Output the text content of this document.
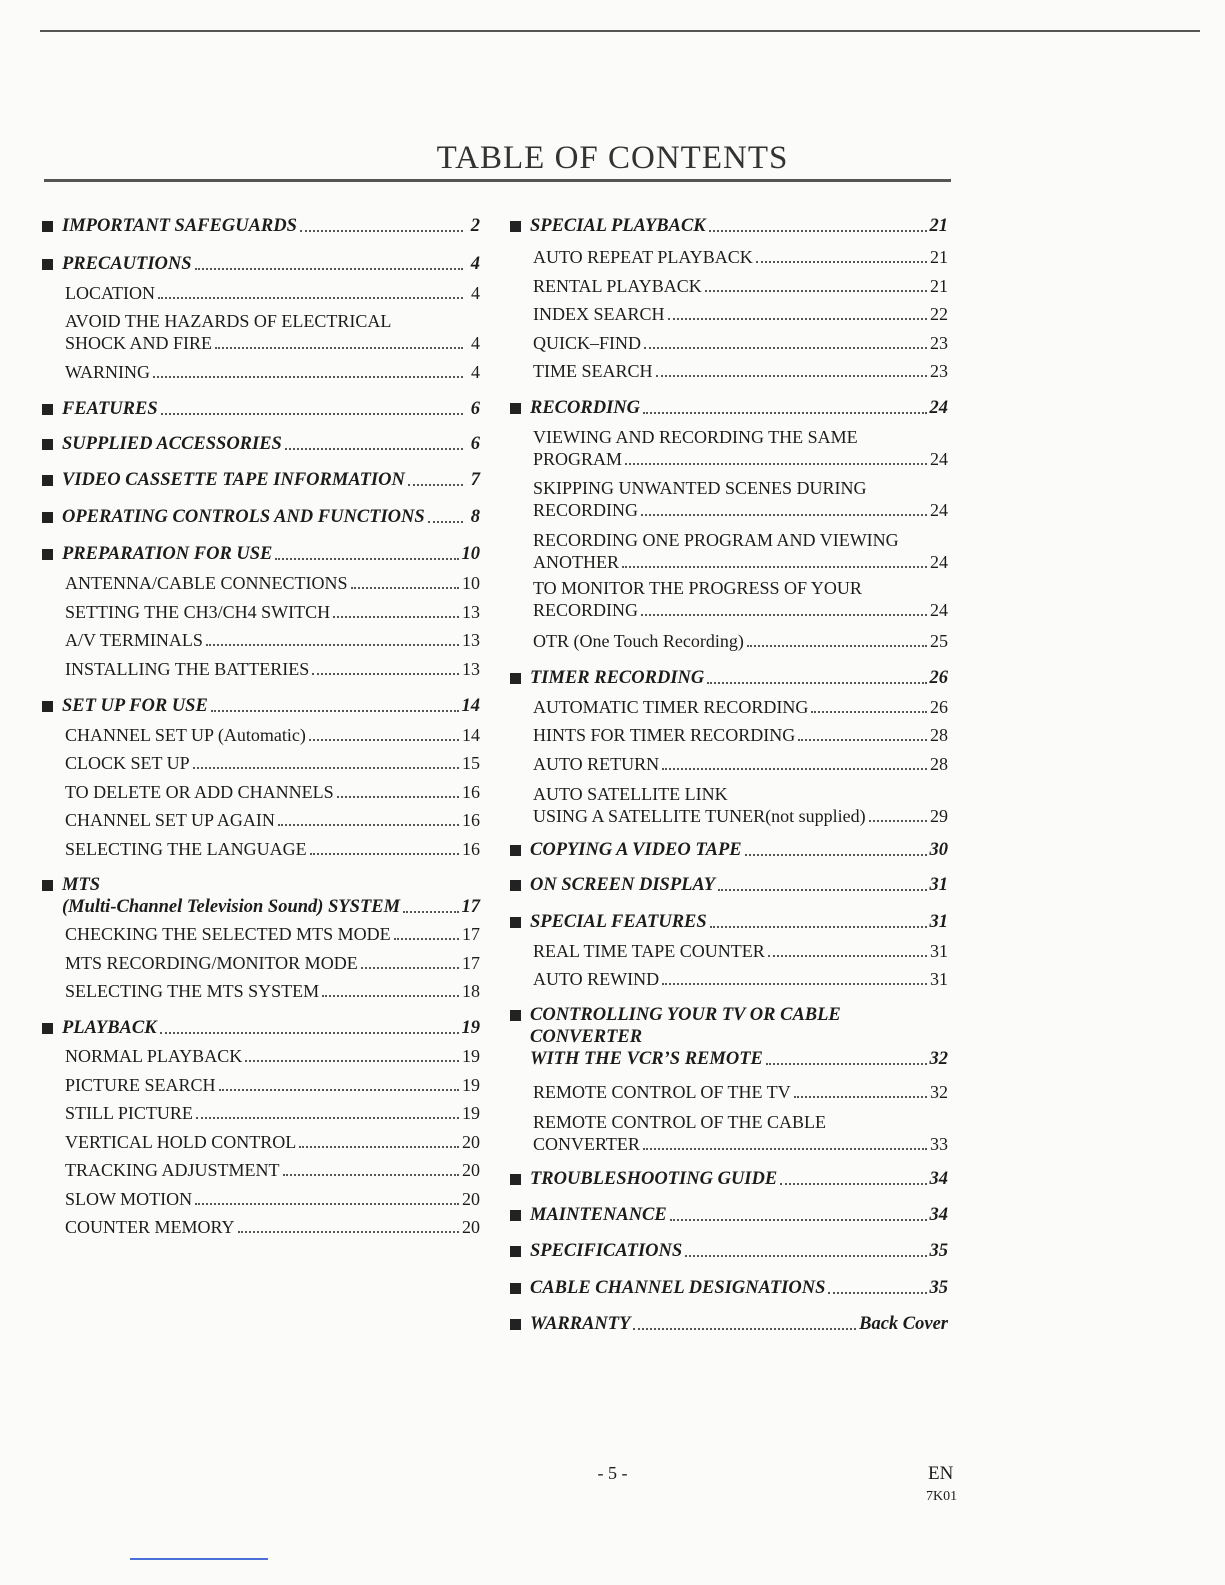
TABLE OF CONTENTS
IMPORTANT SAFEGUARDS	2
PRECAUTIONS	4
LOCATION	4
AVOID THE HAZARDS OF ELECTRICAL
SHOCK AND FIRE	4
WARNING	4
FEATURES	6
SUPPLIED ACCESSORIES	6
VIDEO CASSETTE TAPE INFORMATION	7
OPERATING CONTROLS AND FUNCTIONS 8
PREPARATION FOR USE	10
ANTENNA/CABLE CONNECTIONS	10
SETTING THE CH3/CH4 SWITCH	13
A/V TERMINALS	13
INSTALLING THE BATTERIES	13
SET UP FOR USE	14
CHANNEL SET UP (Automatic)	14
CLOCK SET UP	15
TO DELETE OR ADD CHANNELS	16
CHANNEL SET UP AGAIN	16
SELECTING THE LANGUAGE	16
MTS
(Multi-Channel Television Sound) SYSTEM	17
CHECKING THE SELECTED MTS MODE	17
MTS RECORDING/MONITOR MODE	17
SELECTING THE MTS SYSTEM	18
PLAYBACK	19
NORMAL PLAYBACK	19
PICTURE SEARCH	19
STILL PICTURE	19
VERTICAL HOLD CONTROL	20
TRACKING ADJUSTMENT	20
SLOW MOTION	20
COUNTER MEMORY	20
SPECIAL PLAYBACK	21
AUTO REPEAT PLAYBACK	21
RENTAL PLAYBACK	21
INDEX SEARCH	22
QUICK–FIND	23
TIME SEARCH	23
RECORDING	24
VIEWING AND RECORDING THE SAME
PROGRAM	24
SKIPPING UNWANTED SCENES DURING
RECORDING	24
RECORDING ONE PROGRAM AND VIEWING
ANOTHER	24
TO MONITOR THE PROGRESS OF YOUR
RECORDING	24
OTR (One Touch Recording)	25
TIMER RECORDING	26
AUTOMATIC TIMER RECORDING	26
HINTS FOR TIMER RECORDING	28
AUTO RETURN	28
AUTO SATELLITE LINK
USING A SATELLITE TUNER(not supplied)	29
COPYING A VIDEO TAPE	30
ON SCREEN DISPLAY	31
SPECIAL FEATURES	31
REAL TIME TAPE COUNTER	31
AUTO REWIND	31
CONTROLLING YOUR TV OR CABLE
CONVERTER
WITH THE VCR’S REMOTE	32
REMOTE CONTROL OF THE TV	32
REMOTE CONTROL OF THE CABLE
CONVERTER	33
TROUBLESHOOTING GUIDE	34
MAINTENANCE	34
SPECIFICATIONS	35
CABLE CHANNEL DESIGNATIONS	35
WARRANTY	Back Cover
- 5 -	EN
7K01
